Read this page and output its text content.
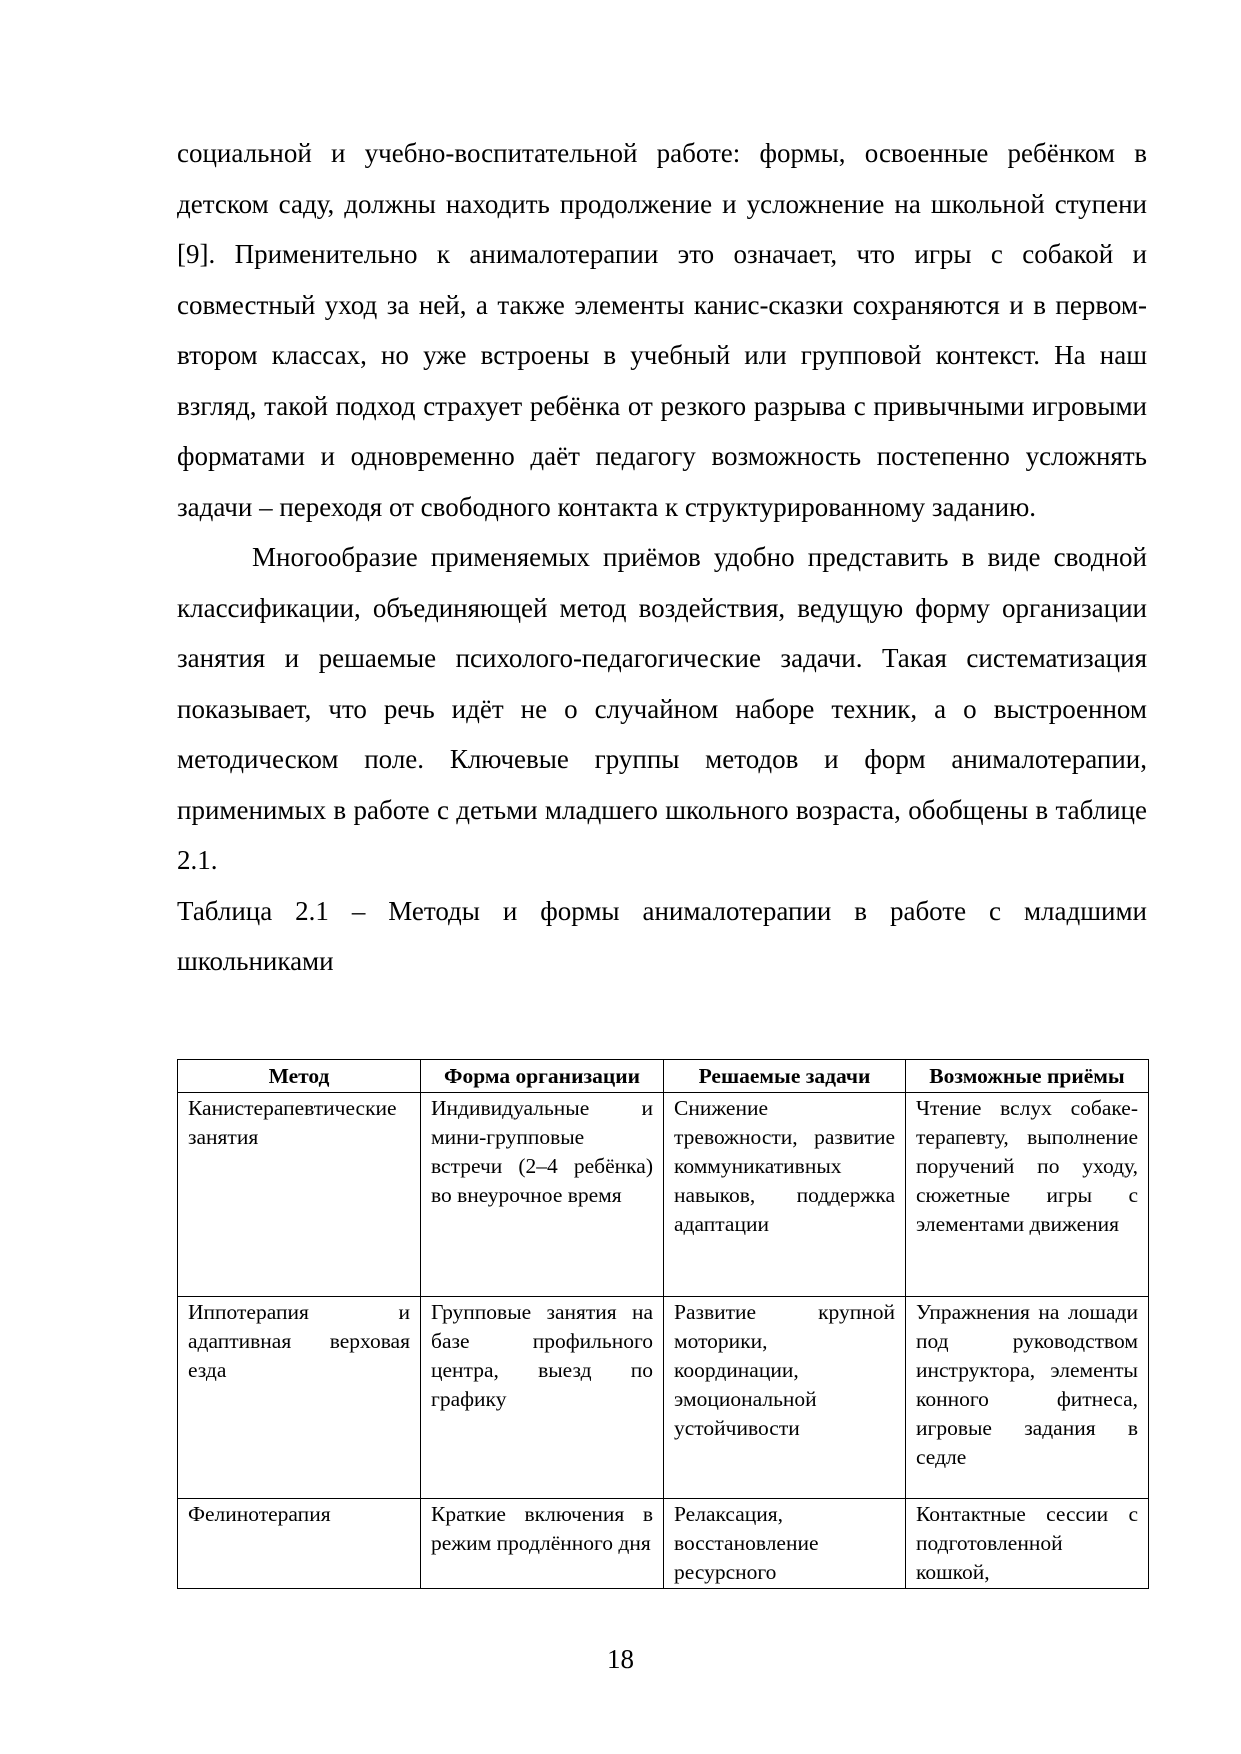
социальной и учебно-воспитательной работе: формы, освоенные ребёнком в детском саду, должны находить продолжение и усложнение на школьной ступени [9]. Применительно к анималотерапии это означает, что игры с собакой и совместный уход за ней, а также элементы канис-сказки сохраняются и в первом-втором классах, но уже встроены в учебный или групповой контекст. На наш взгляд, такой подход страхует ребёнка от резкого разрыва с привычными игровыми форматами и одновременно даёт педагогу возможность постепенно усложнять задачи – переходя от свободного контакта к структурированному заданию.

Многообразие применяемых приёмов удобно представить в виде сводной классификации, объединяющей метод воздействия, ведущую форму организации занятия и решаемые психолого-педагогические задачи. Такая систематизация показывает, что речь идёт не о случайном наборе техник, а о выстроенном методическом поле. Ключевые группы методов и форм анималотерапии, применимых в работе с детьми младшего школьного возраста, обобщены в таблице 2.1.

Таблица 2.1 – Методы и формы анималотерапии в работе с младшими школьниками

Метод	Форма организации	Решаемые задачи	Возможные приёмы
Канистерапевтические занятия	Индивидуальные и мини-групповые встречи (2–4 ребёнка) во внеурочное время	Снижение тревожности, развитие коммуникативных навыков, поддержка адаптации	Чтение вслух собаке-терапевту, выполнение поручений по уходу, сюжетные игры с элементами движения
Иппотерапия и адаптивная верховая езда	Групповые занятия на базе профильного центра, выезд по графику	Развитие крупной моторики, координации, эмоциональной устойчивости	Упражнения на лошади под руководством инструктора, элементы конного фитнеса, игровые задания в седле
Фелинотерапия	Краткие включения в режим продлённого дня	Релаксация, восстановление ресурсного	Контактные сессии с подготовленной кошкой,
18
